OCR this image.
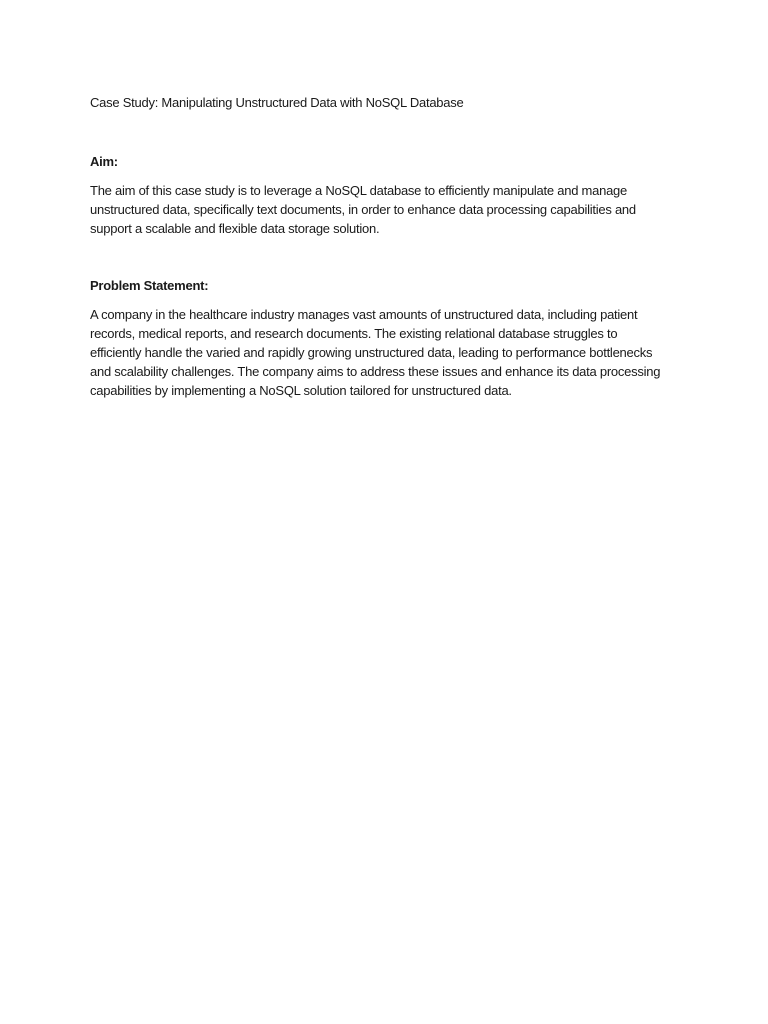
Case Study: Manipulating Unstructured Data with NoSQL Database

Aim:

The aim of this case study is to leverage a NoSQL database to efficiently manipulate and manage
unstructured data, specifically text documents, in order to enhance data processing capabilities and
support a scalable and flexible data storage solution.

Problem Statement:

A company in the healthcare industry manages vast amounts of unstructured data, including patient
records, medical reports, and research documents. The existing relational database struggles to
efficiently handle the varied and rapidly growing unstructured data, leading to performance bottlenecks
and scalability challenges. The company aims to address these issues and enhance its data processing
capabilities by implementing a NoSQL solution tailored for unstructured data.
